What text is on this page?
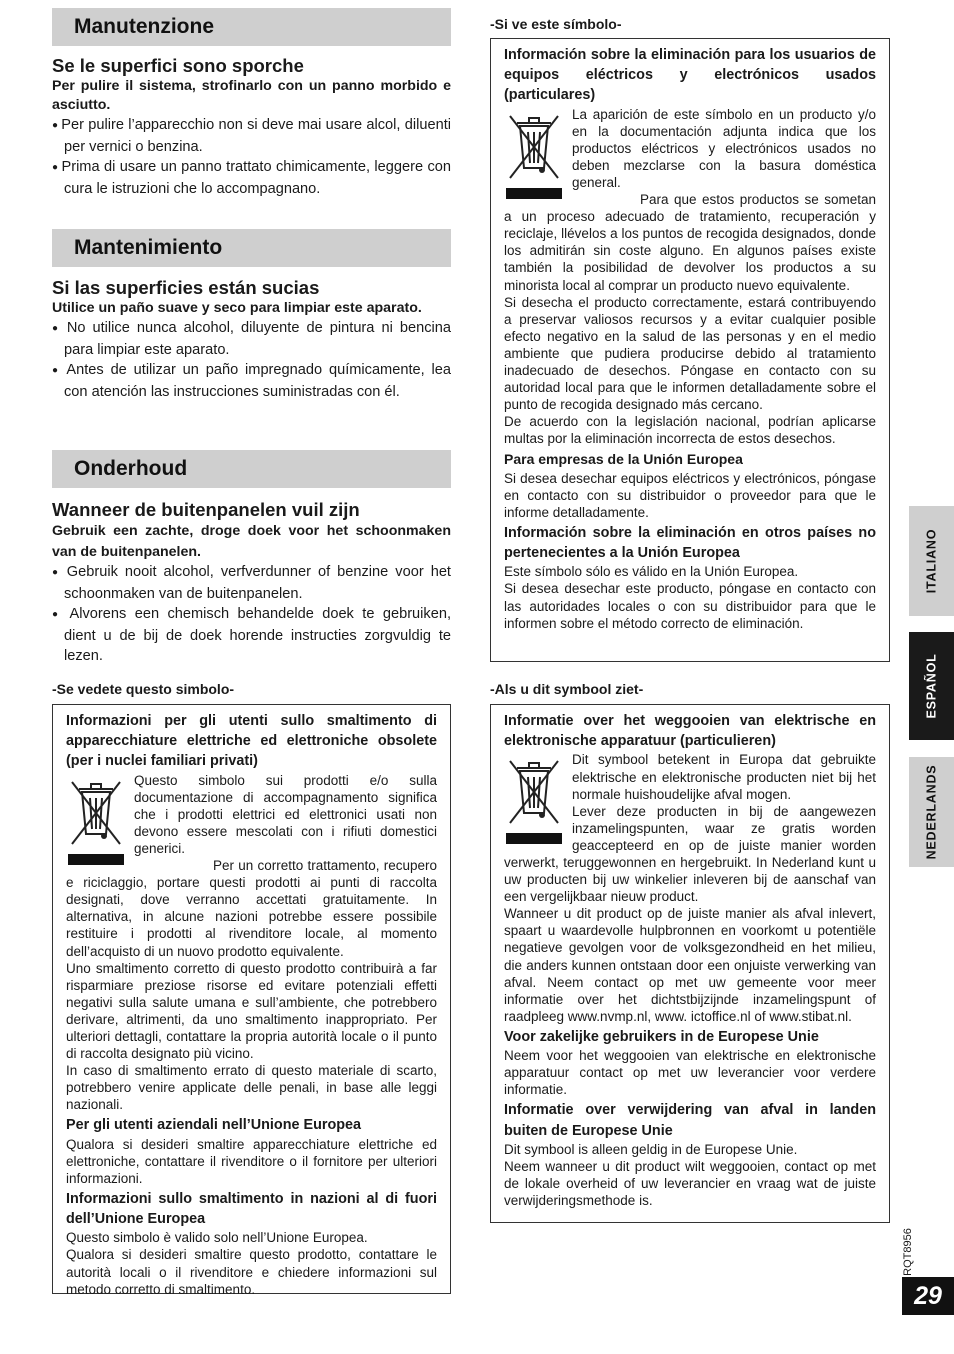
Manutenzione

Se le superfici sono sporche

Per pulire il sistema, strofinarlo con un panno morbido e asciutto.

● Per pulire l’apparecchio non si deve mai usare alcol, diluenti per vernici o benzina.

● Prima di usare un panno trattato chimicamente, leggere con cura le istruzioni che lo accompagnano.

Mantenimiento

Si las superficies están sucias

Utilice un paño suave y seco para limpiar este aparato.

● No utilice nunca alcohol, diluyente de pintura ni bencina para limpiar este aparato.

● Antes de utilizar un paño impregnado químicamente, lea con atención las instrucciones suministradas con él.

Onderhoud

Wanneer de buitenpanelen vuil zijn

Gebruik een zachte, droge doek voor het schoonmaken van de buitenpanelen.

● Gebruik nooit alcohol, verfverdunner of benzine voor het schoonmaken van de buitenpanelen.

● Alvorens een chemisch behandelde doek te gebruiken, dient u de bij de doek horende instructies zorgvuldig te lezen.

-Se vedete questo simbolo-

Informazioni per gli utenti sullo smaltimento di apparecchiature elettriche ed elettroniche obsolete (per i nuclei familiari privati)

Questo simbolo sui prodotti e/o sulla documentazione di accompagnamento significa che i prodotti elettrici ed elettronici usati non devono essere mescolati con i rifiuti domestici generici.

Per un corretto trattamento, recupero e riciclaggio, portare questi prodotti ai punti di raccolta designati, dove verranno accettati gratuitamente. In alternativa, in alcune nazioni potrebbe essere possibile restituire i prodotti al rivenditore locale, al momento dell’acquisto di un nuovo prodotto equivalente.

Uno smaltimento corretto di questo prodotto contribuirà a far risparmiare preziose risorse ed evitare potenziali effetti negativi sulla salute umana e sull’ambiente, che potrebbero derivare, altrimenti, da uno smaltimento inappropriato. Per ulteriori dettagli, contattare la propria autorità locale o il punto di raccolta designato più vicino.

In caso di smaltimento errato di questo materiale di scarto, potrebbero venire applicate delle penali, in base alle leggi nazionali.

Per gli utenti aziendali nell’Unione Europea

Qualora si desideri smaltire apparecchiature elettriche ed elettroniche, contattare il rivenditore o il fornitore per ulteriori informazioni.

Informazioni sullo smaltimento in nazioni al di fuori dell’Unione Europea

Questo simbolo è valido solo nell’Unione Europea.

Qualora si desideri smaltire questo prodotto, contattare le autorità locali o il rivenditore e chiedere informazioni sul metodo corretto di smaltimento.

-Si ve este símbolo-

Información sobre la eliminación para los usuarios de equipos eléctricos y electrónicos usados (particulares)

La aparición de este símbolo en un producto y/o en la documentación adjunta indica que los productos eléctricos y electrónicos usados no deben mezclarse con la basura doméstica general.

Para que estos productos se sometan a un proceso adecuado de tratamiento, recuperación y reciclaje, llévelos a los puntos de recogida designados, donde los admitirán sin coste alguno. En algunos países existe también la posibilidad de devolver los productos a su minorista local al comprar un producto nuevo equivalente.

Si desecha el producto correctamente, estará contribuyendo a preservar valiosos recursos y a evitar cualquier posible efecto negativo en la salud de las personas y en el medio ambiente que pudiera producirse debido al tratamiento inadecuado de desechos. Póngase en contacto con su autoridad local para que le informen detalladamente sobre el punto de recogida designado más cercano.

De acuerdo con la legislación nacional, podrían aplicarse multas por la eliminación incorrecta de estos desechos.

Para empresas de la Unión Europea

Si desea desechar equipos eléctricos y electrónicos, póngase en contacto con su distribuidor o proveedor para que le informe detalladamente.

Información sobre la eliminación en otros países no pertenecientes a la Unión Europea

Este símbolo sólo es válido en la Unión Europea.

Si desea desechar este producto, póngase en contacto con las autoridades locales o con su distribuidor para que le informen sobre el método correcto de eliminación.

-Als u dit symbool ziet-

Informatie over het weggooien van elektrische en elektronische apparatuur (particulieren)

Dit symbool betekent in Europa dat gebruikte elektrische en elektronische producten niet bij het normale huishoudelijke afval mogen.

Lever deze producten in bij de aangewezen inzamelingspunten, waar ze gratis worden geaccepteerd en op de juiste manier worden verwerkt, teruggewonnen en hergebruikt. In Nederland kunt u uw producten bij uw winkelier inleveren bij de aanschaf van een vergelijkbaar nieuw product.

Wanneer u dit product op de juiste manier als afval inlevert, spaart u waardevolle hulpbronnen en voorkomt u potentiële negatieve gevolgen voor de volksgezondheid en het milieu, die anders kunnen ontstaan door een onjuiste verwerking van afval. Neem contact op met uw gemeente voor meer informatie over het dichtstbijzijnde inzamelingspunt of raadpleeg www.nvmp.nl, www. ictoffice.nl of www.stibat.nl.

Voor zakelijke gebruikers in de Europese Unie

Neem voor het weggooien van elektrische en elektronische apparatuur contact op met uw leverancier voor verdere informatie.

Informatie over verwijdering van afval in landen buiten de Europese Unie

Dit symbool is alleen geldig in de Europese Unie.

Neem wanneer u dit product wilt weggooien, contact op met de lokale overheid of uw leverancier en vraag wat de juiste verwijderingsmethode is.

ITALIANO
ESPAÑOL
NEDERLANDS
RQT8956
29
